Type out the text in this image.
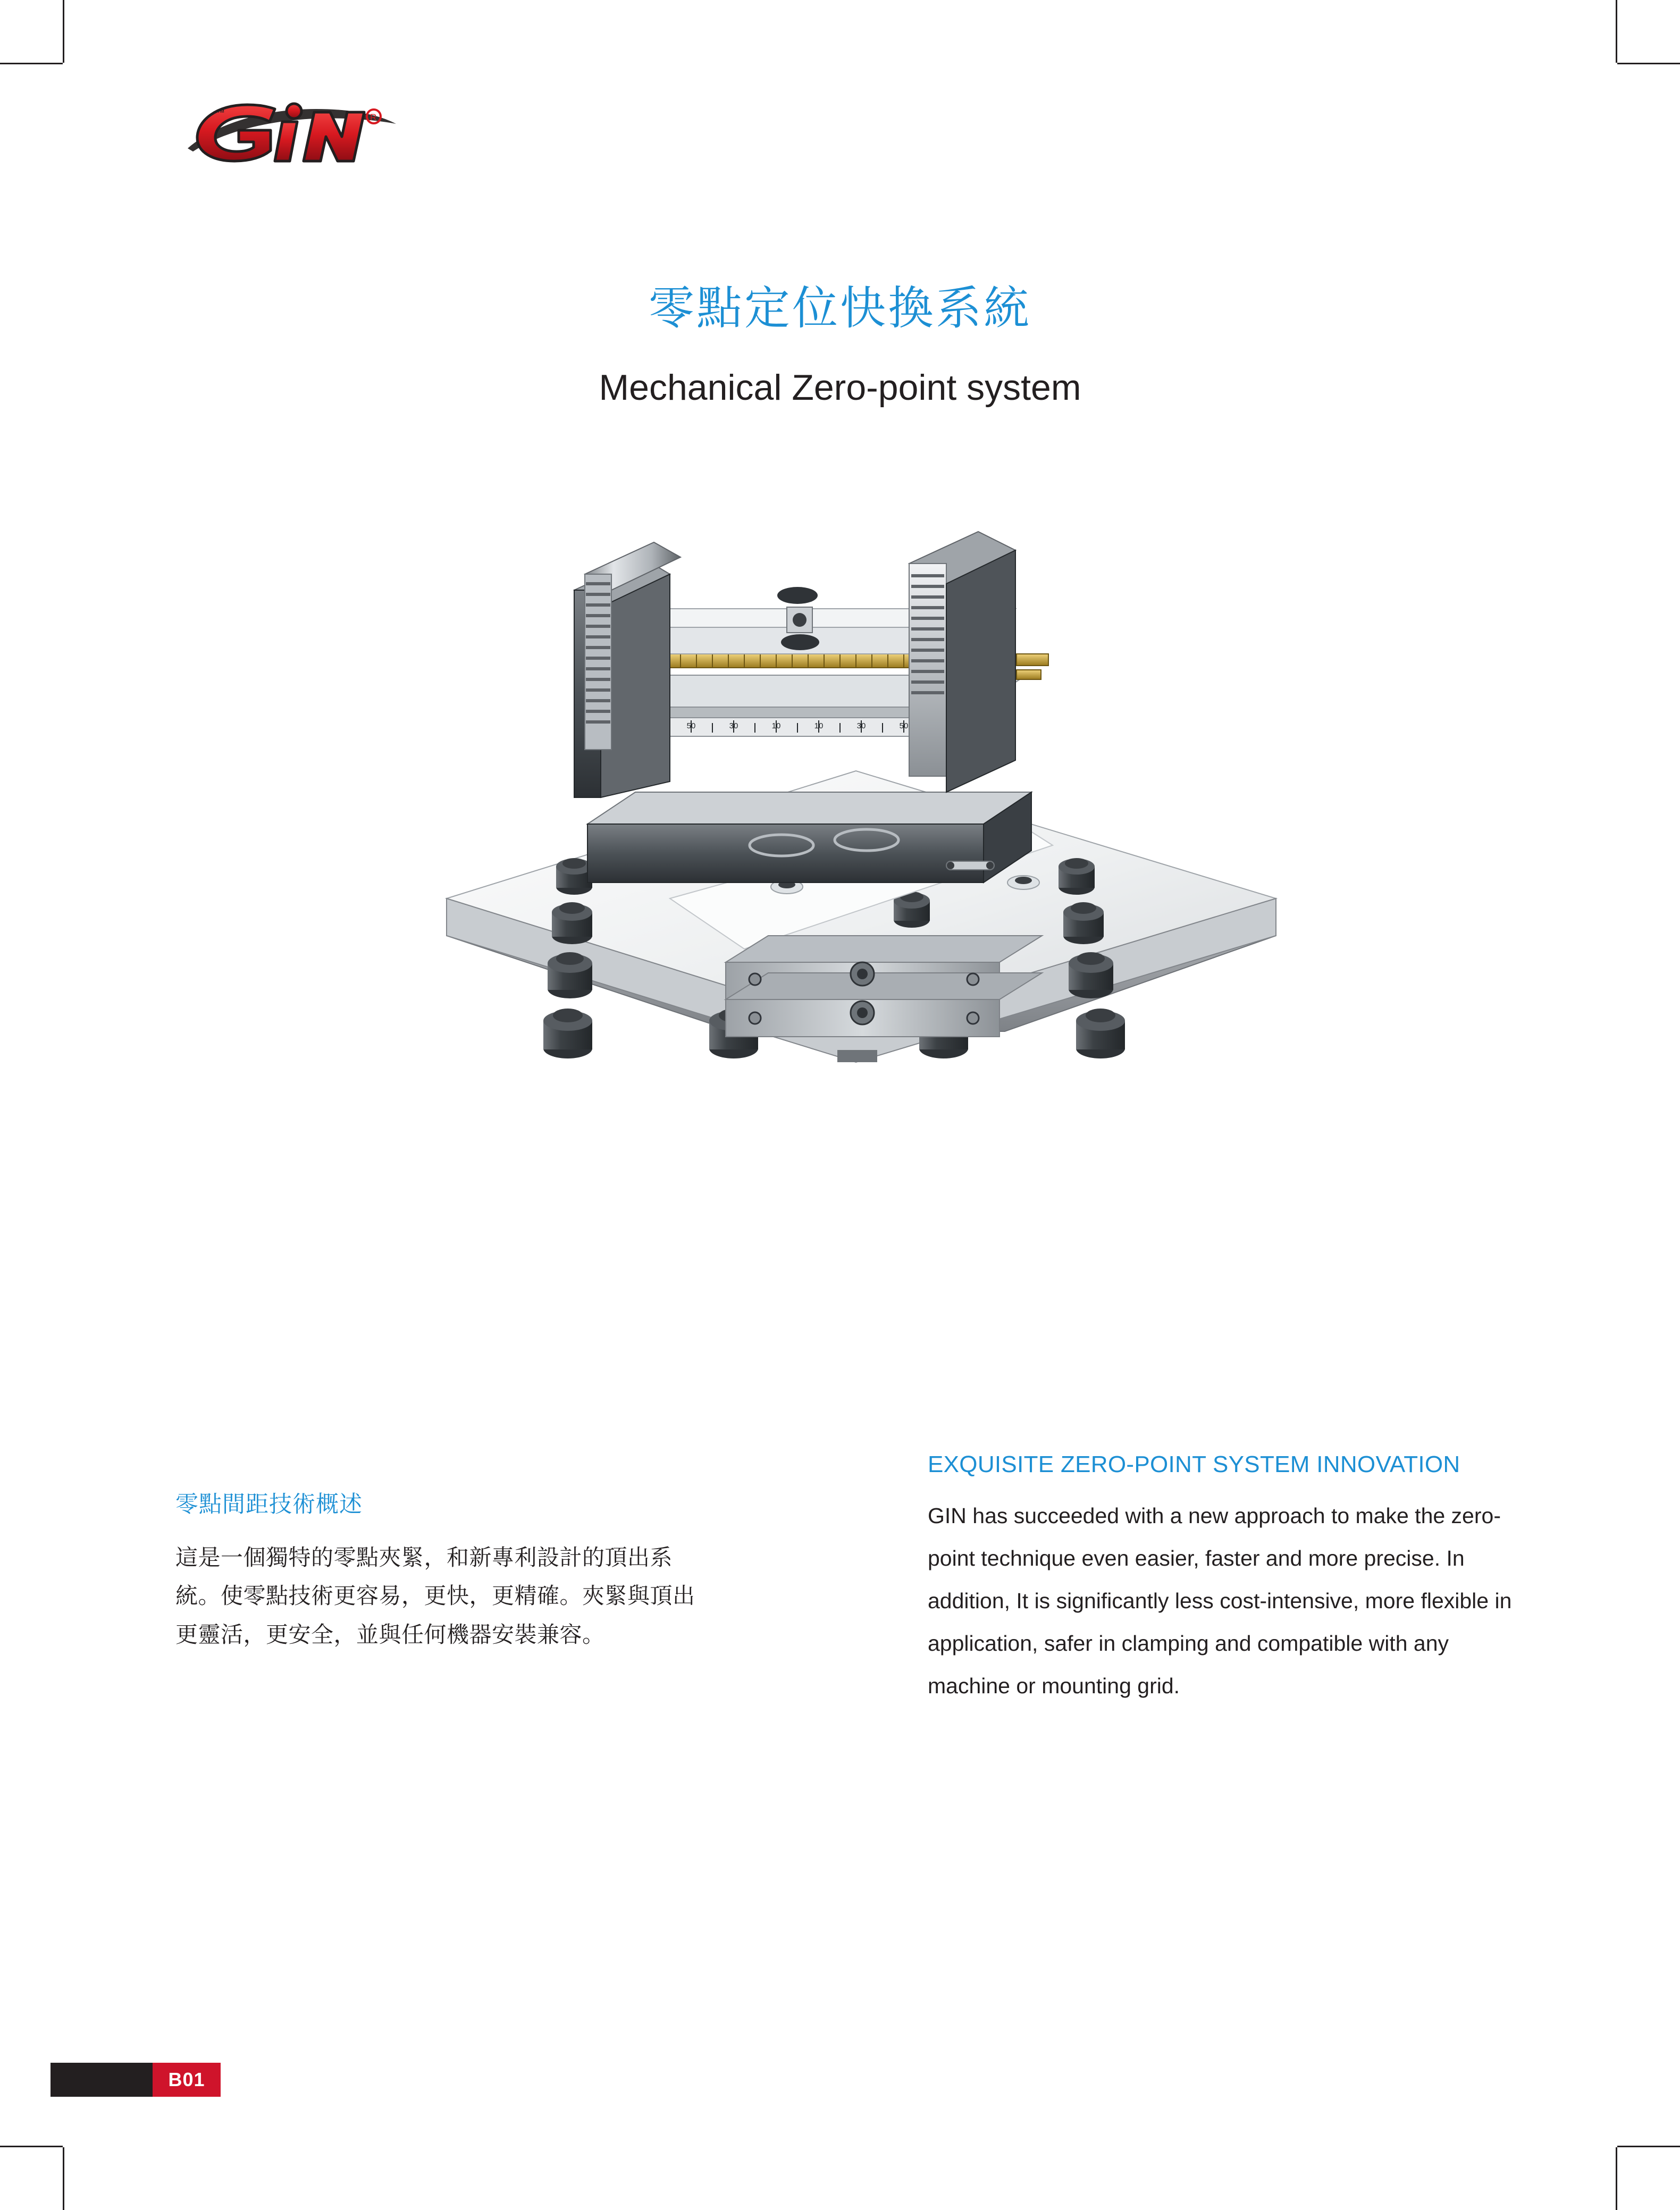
™	R
零點定位快換系統
Mechanical Zero-point system
50	30	10	10	30	50
零點間距技術概述
這是一個獨特的零點夾緊，和新專利設計的頂出系統。使零點技術更容易，更快，更精確。夾緊與頂出更靈活，更安全，並與任何機器安裝兼容。
EXQUISITE ZERO-POINT SYSTEM INNOVATION
GIN has succeeded with a new approach to make the zero-point technique even easier, faster and more precise. In addition, It is significantly less cost-intensive, more flexible in application, safer in clamping and compatible with any machine or mounting grid.
B01
